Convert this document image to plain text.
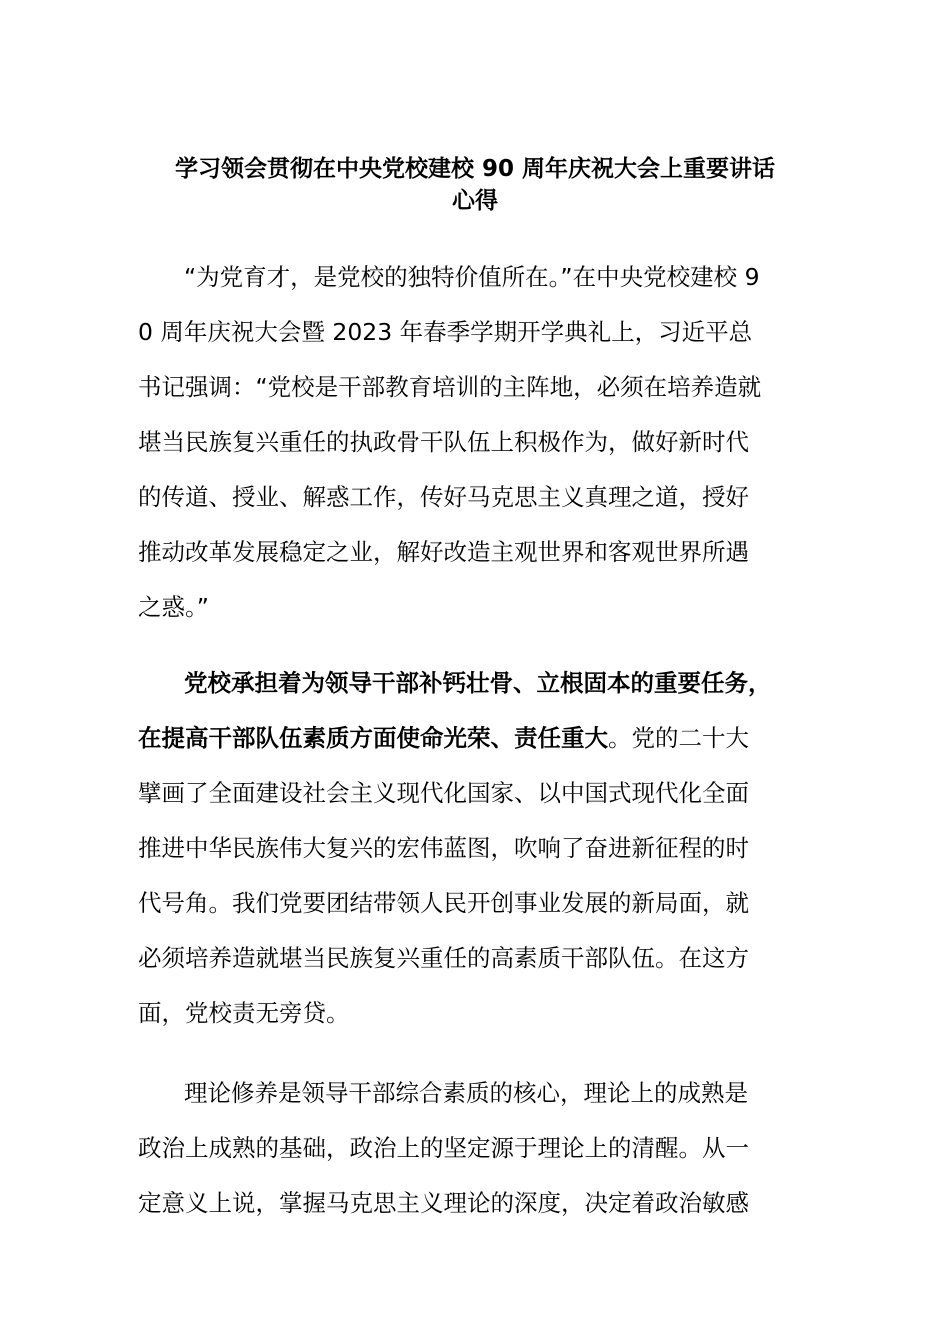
学习领会贯彻在中央党校建校 90 周年庆祝大会上重要讲话
心得

“为党育才，是党校的独特价值所在。”在中央党校建校 9
0 周年庆祝大会暨 2023 年春季学期开学典礼上，习近平总
书记强调：“党校是干部教育培训的主阵地，必须在培养造就
堪当民族复兴重任的执政骨干队伍上积极作为，做好新时代
的传道、授业、解惑工作，传好马克思主义真理之道，授好
推动改革发展稳定之业，解好改造主观世界和客观世界所遇
之惑。”

党校承担着为领导干部补钙壮骨、立根固本的重要任务，
在提高干部队伍素质方面使命光荣、责任重大。党的二十大
擘画了全面建设社会主义现代化国家、以中国式现代化全面
推进中华民族伟大复兴的宏伟蓝图，吹响了奋进新征程的时
代号角。我们党要团结带领人民开创事业发展的新局面，就
必须培养造就堪当民族复兴重任的高素质干部队伍。在这方
面，党校责无旁贷。

理论修养是领导干部综合素质的核心，理论上的成熟是
政治上成熟的基础，政治上的坚定源于理论上的清醒。从一
定意义上说，掌握马克思主义理论的深度，决定着政治敏感
